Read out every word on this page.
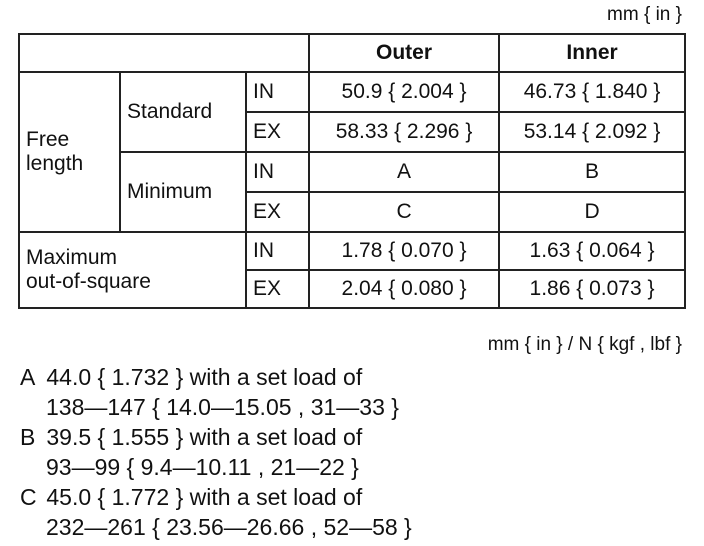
mm { in }
			Outer	Inner
Free
length	Standard	IN	50.9 { 2.004 }	46.73 { 1.840 }
		EX	58.33 { 2.296 }	53.14 { 2.092 }
	Minimum	IN	A	B
		EX	C	D
Maximum
out-of-square		IN	1.78 { 0.070 }	1.63 { 0.064 }
		EX	2.04 { 0.080 }	1.86 { 0.073 }
mm { in } / N { kgf , lbf }
A 44.0 { 1.732 } with a set load of
138—147 { 14.0—15.05 , 31—33 }
B 39.5 { 1.555 } with a set load of
93—99 { 9.4—10.11 , 21—22 }
C 45.0 { 1.772 } with a set load of
232—261 { 23.56—26.66 , 52—58 }
